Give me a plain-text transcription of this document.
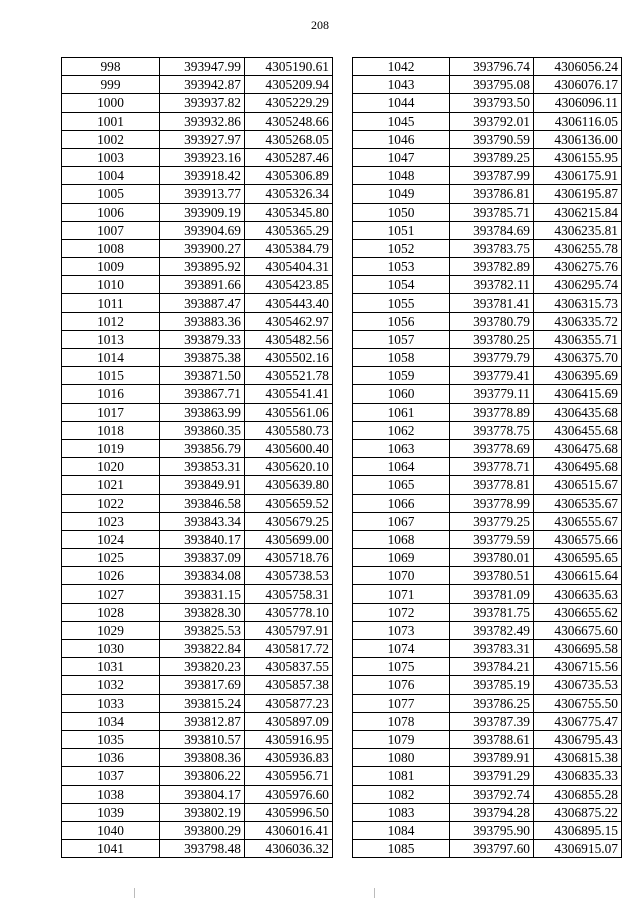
208
998	393947.99	4305190.61
999	393942.87	4305209.94
1000	393937.82	4305229.29
1001	393932.86	4305248.66
1002	393927.97	4305268.05
1003	393923.16	4305287.46
1004	393918.42	4305306.89
1005	393913.77	4305326.34
1006	393909.19	4305345.80
1007	393904.69	4305365.29
1008	393900.27	4305384.79
1009	393895.92	4305404.31
1010	393891.66	4305423.85
1011	393887.47	4305443.40
1012	393883.36	4305462.97
1013	393879.33	4305482.56
1014	393875.38	4305502.16
1015	393871.50	4305521.78
1016	393867.71	4305541.41
1017	393863.99	4305561.06
1018	393860.35	4305580.73
1019	393856.79	4305600.40
1020	393853.31	4305620.10
1021	393849.91	4305639.80
1022	393846.58	4305659.52
1023	393843.34	4305679.25
1024	393840.17	4305699.00
1025	393837.09	4305718.76
1026	393834.08	4305738.53
1027	393831.15	4305758.31
1028	393828.30	4305778.10
1029	393825.53	4305797.91
1030	393822.84	4305817.72
1031	393820.23	4305837.55
1032	393817.69	4305857.38
1033	393815.24	4305877.23
1034	393812.87	4305897.09
1035	393810.57	4305916.95
1036	393808.36	4305936.83
1037	393806.22	4305956.71
1038	393804.17	4305976.60
1039	393802.19	4305996.50
1040	393800.29	4306016.41
1041	393798.48	4306036.32
1042	393796.74	4306056.24
1043	393795.08	4306076.17
1044	393793.50	4306096.11
1045	393792.01	4306116.05
1046	393790.59	4306136.00
1047	393789.25	4306155.95
1048	393787.99	4306175.91
1049	393786.81	4306195.87
1050	393785.71	4306215.84
1051	393784.69	4306235.81
1052	393783.75	4306255.78
1053	393782.89	4306275.76
1054	393782.11	4306295.74
1055	393781.41	4306315.73
1056	393780.79	4306335.72
1057	393780.25	4306355.71
1058	393779.79	4306375.70
1059	393779.41	4306395.69
1060	393779.11	4306415.69
1061	393778.89	4306435.68
1062	393778.75	4306455.68
1063	393778.69	4306475.68
1064	393778.71	4306495.68
1065	393778.81	4306515.67
1066	393778.99	4306535.67
1067	393779.25	4306555.67
1068	393779.59	4306575.66
1069	393780.01	4306595.65
1070	393780.51	4306615.64
1071	393781.09	4306635.63
1072	393781.75	4306655.62
1073	393782.49	4306675.60
1074	393783.31	4306695.58
1075	393784.21	4306715.56
1076	393785.19	4306735.53
1077	393786.25	4306755.50
1078	393787.39	4306775.47
1079	393788.61	4306795.43
1080	393789.91	4306815.38
1081	393791.29	4306835.33
1082	393792.74	4306855.28
1083	393794.28	4306875.22
1084	393795.90	4306895.15
1085	393797.60	4306915.07
